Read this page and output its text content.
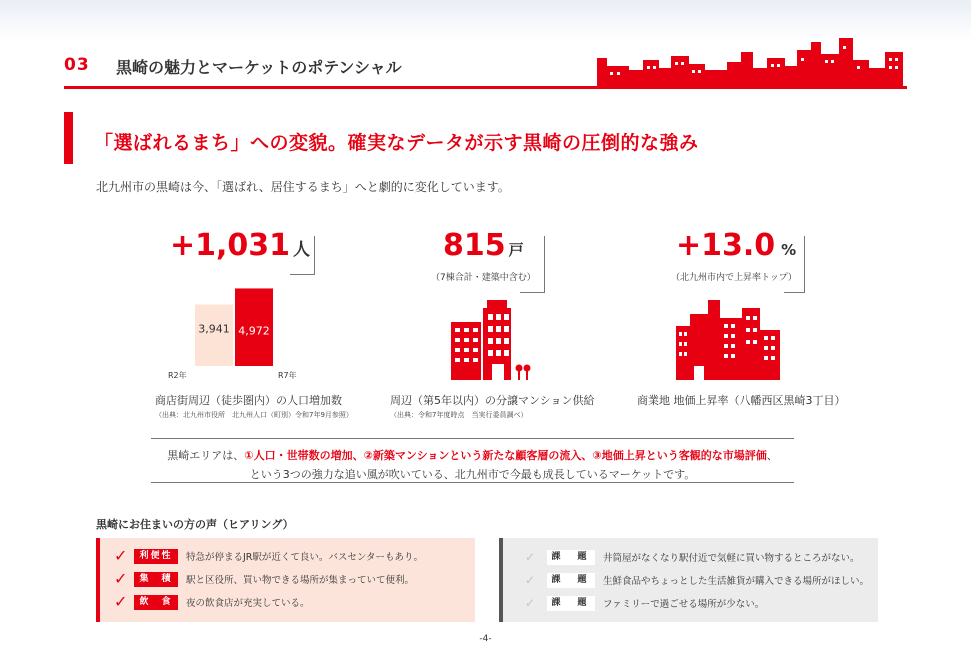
03 黒崎の魅力とマーケットのポテンシャル
「選ばれるまち」への変貌。確実なデータが示す黒崎の圧倒的な強み
北九州市の黒崎は今、「選ばれ、居住するまち」へと劇的に変化しています。
+1,031 人
3,941
R2年
4,972
R7年
商店街周辺（徒歩圏内）の人口増加数
（出典：北九州市役所　北九州人口（町別）令和7年9月参照）
815 戸
（7棟合計・建築中含む）
周辺（第5年以内）の分譲マンション供給
（出典：令和7年度時点　当実行委員調べ）
+13.0 %
（北九州市内で上昇率トップ）
商業地 地価上昇率（八幡西区黒崎3丁目）
黒崎エリアは、①人口・世帯数の増加、②新築マンションという新たな顧客層の流入、③地価上昇という客観的な市場評価、
という3つの強力な追い風が吹いている、北九州市で今最も成長しているマーケットです。
黒崎にお住まいの方の声（ヒアリング）
✓	利便性	特急が停まるJR駅が近くて良い。バスセンターもあり。
✓	集　積	駅と区役所、買い物できる場所が集まっていて便利。
✓	飲　食	夜の飲食店が充実している。
✓	課　題	井筒屋がなくなり駅付近で気軽に買い物するところがない。
✓	課　題	生鮮食品やちょっとした生活雑貨が購入できる場所がほしい。
✓	課　題	ファミリーで過ごせる場所が少ない。
-4-
